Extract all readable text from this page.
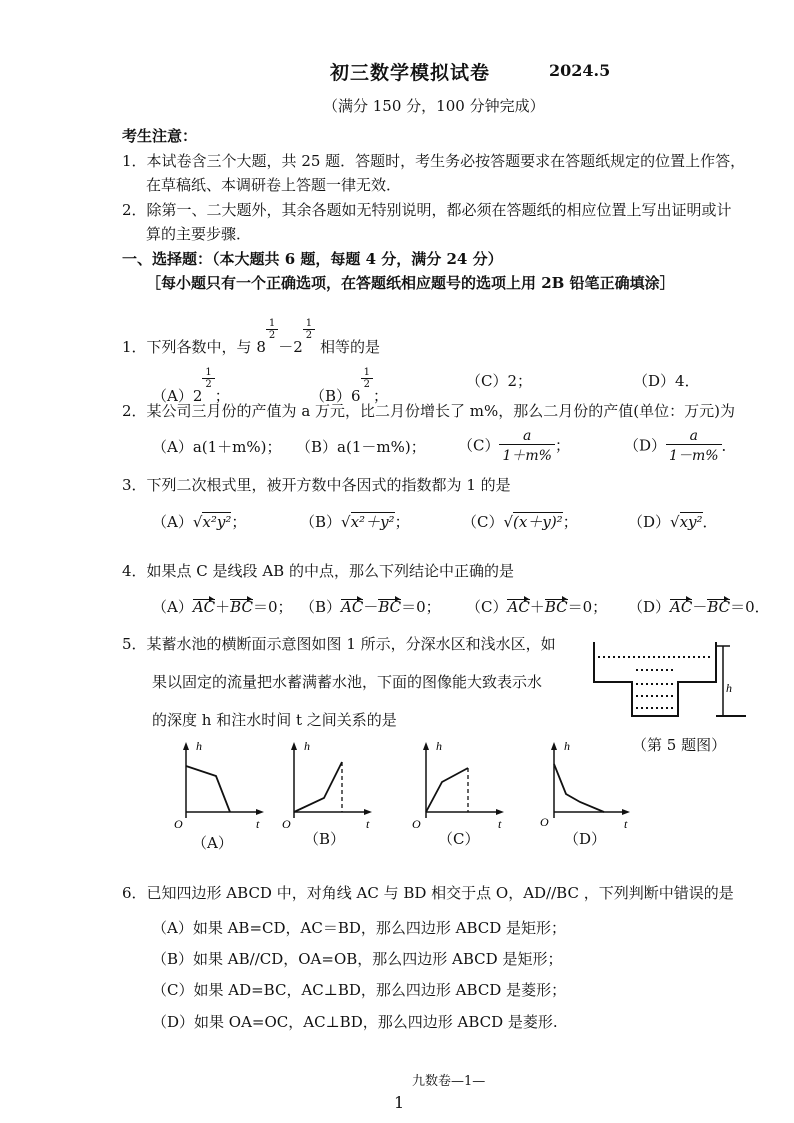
初三数学模拟试卷	2024.5
（满分 150 分，100 分钟完成）
考生注意：
1．本试卷含三个大题，共 25 题．答题时，考生务必按答题要求在答题纸规定的位置上作答，
在草稿纸、本调研卷上答题一律无效．
2．除第一、二大题外，其余各题如无特别说明，都必须在答题纸的相应位置上写出证明或计
算的主要步骤．
一、选择题：（本大题共 6 题，每题 4 分，满分 24 分）
［每小题只有一个正确选项，在答题纸相应题号的选项上用 2B 铅笔正确填涂］
1．下列各数中，与 8
$\frac{1}{2}$
－2
$\frac{1}{2}$
相等的是
（A）2
$\frac{1}{2}$
；	（B）6
$\frac{1}{2}$
；
（C）2；	（D）4．
2．某公司三月份的产值为 a 万元，比二月份增长了 m%，那么二月份的产值(单位：万元)为
（A）a(1＋m%)； （B）a(1－m%)； $(C) \frac{a}{1+m\%}$ ；	$(D) \frac{a}{1-m\%}$ ．
3．下列二次根式里，被开方数中各因式的指数都为 1 的是
（A）√x²y²；	（B）√x²＋y²；	（C）√(x＋y)²；	（D）√xy²．
4．如果点 C 是线段 AB 的中点，那么下列结论中正确的是
（A）AC＋BC＝0； （B）AC－BC＝0； （C）AC＋BC＝0； （D）AC－BC＝0．
5．某蓄水池的横断面示意图如图 1 所示，分深水区和浅水区，如
果以固定的流量把水蓄满蓄水池，下面的图像能大致表示水
的深度 h 和注水时间 t 之间关系的是
h
（第 5 题图）
h
O	t
（A）
h
O	t
（B）
h
O	t
（C）
h
O	t
（D）
6．已知四边形 ABCD 中，对角线 AC 与 BD 相交于点 O，AD//BC ，下列判断中错误的是
（A）如果 AB=CD，AC＝BD，那么四边形 ABCD 是矩形；
（B）如果 AB//CD，OA=OB，那么四边形 ABCD 是矩形；
（C）如果 AD=BC，AC⊥BD，那么四边形 ABCD 是菱形；
（D）如果 OA=OC，AC⊥BD，那么四边形 ABCD 是菱形.
九数卷—1—
1
